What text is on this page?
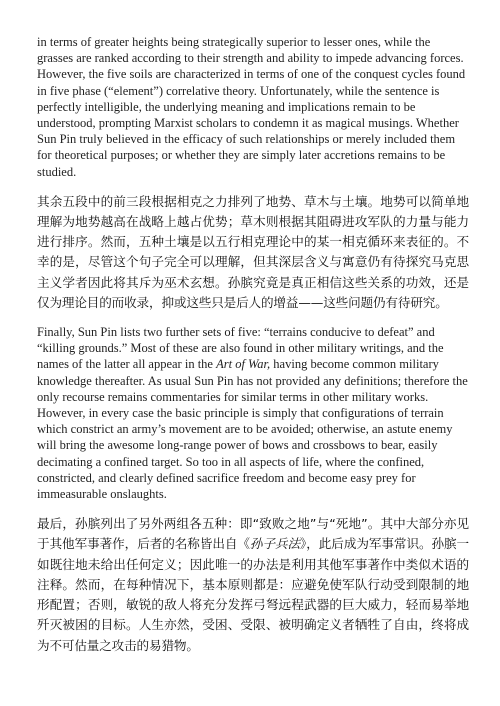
in terms of greater heights being strategically superior to lesser ones, while the grasses are ranked according to their strength and ability to impede advancing forces. However, the five soils are characterized in terms of one of the conquest cycles found in five phase (“element”) correlative theory. Unfortunately, while the sentence is perfectly intelligible, the underlying meaning and implications remain to be understood, prompting Marxist scholars to condemn it as magical musings. Whether Sun Pin truly believed in the efficacy of such relationships or merely included them for theoretical purposes; or whether they are simply later accretions remains to be studied.

其余五段中的前三段根据相克之力排列了地势、草木与土壤。地势可以简单地理解为地势越高在战略上越占优势；草木则根据其阻碍进攻军队的力量与能力进行排序。然而，五种土壤是以五行相克理论中的某一相克循环来表征的。不幸的是，尽管这个句子完全可以理解，但其深层含义与寓意仍有待探究马克思主义学者因此将其斥为巫术玄想。孙膑究竟是真正相信这些关系的功效，还是仅为理论目的而收录，抑或这些只是后人的增益——这些问题仍有待研究。

Finally, Sun Pin lists two further sets of five: “terrains conducive to defeat” and “killing grounds.” Most of these are also found in other military writings, and the names of the latter all appear in the Art of War, having become common military knowledge thereafter. As usual Sun Pin has not provided any definitions; therefore the only recourse remains commentaries for similar terms in other military works. However, in every case the basic principle is simply that configurations of terrain which constrict an army’s movement are to be avoided; otherwise, an astute enemy will bring the awesome long-range power of bows and crossbows to bear, easily decimating a confined target. So too in all aspects of life, where the confined, constricted, and clearly defined sacrifice freedom and become easy prey for immeasurable onslaughts.

最后，孙膑列出了另外两组各五种：即“致败之地”与“死地”。其中大部分亦见于其他军事著作，后者的名称皆出自《孙子兵法》，此后成为军事常识。孙膑一如既往地未给出任何定义；因此唯一的办法是利用其他军事著作中类似术语的注释。然而，在每种情况下，基本原则都是：应避免使军队行动受到限制的地形配置；否则，敏锐的敌人将充分发挥弓弩远程武器的巨大威力，轻而易举地歼灭被困的目标。人生亦然，受困、受限、被明确定义者牺牲了自由，终将成为不可估量之攻击的易猎物。
